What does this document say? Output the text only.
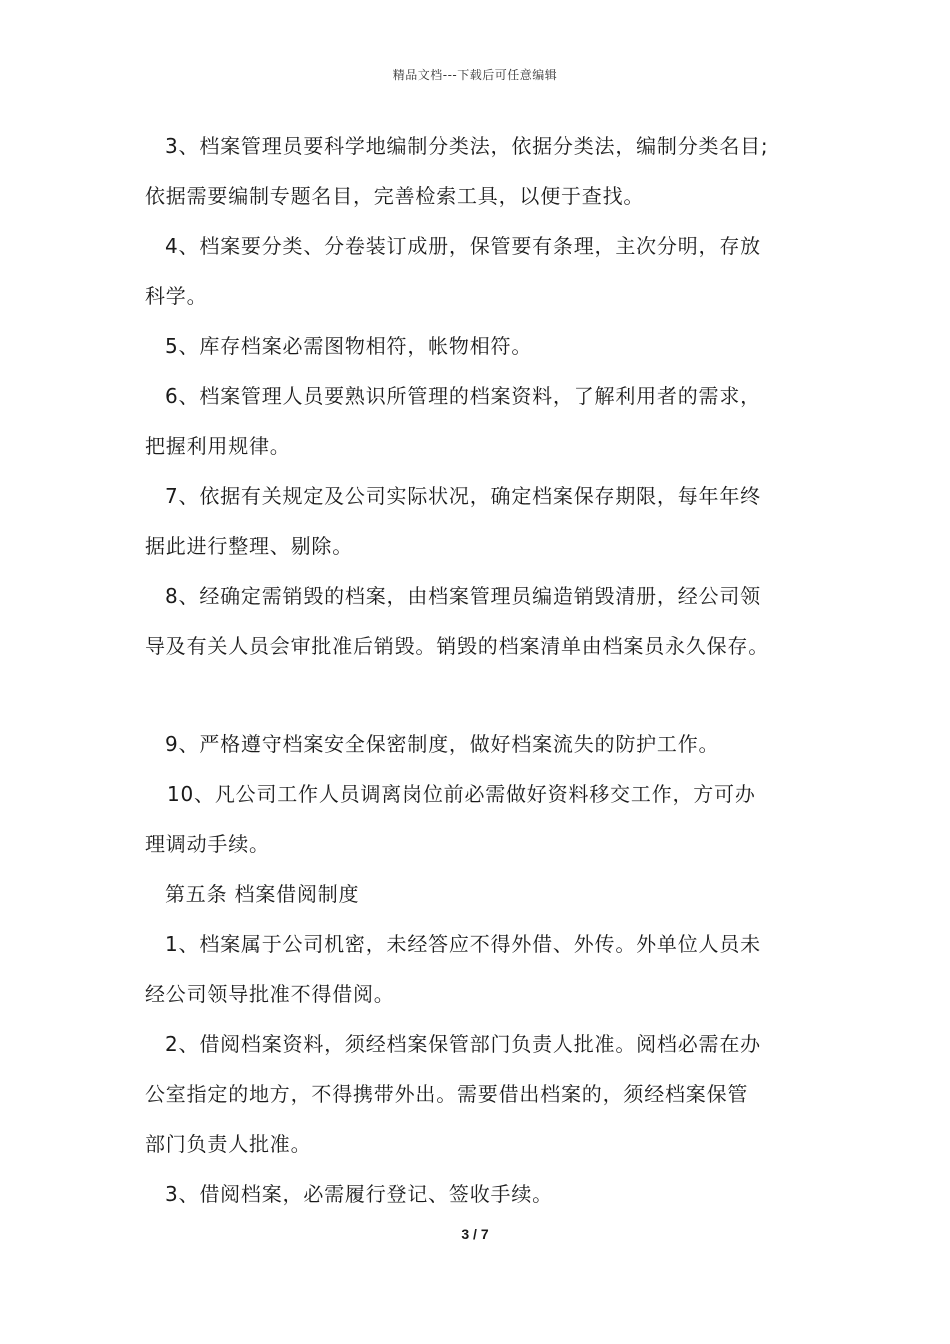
精品文档---下载后可任意编辑
3、档案管理员要科学地编制分类法，依据分类法，编制分类名目;
依据需要编制专题名目，完善检索工具，以便于查找。
4、档案要分类、分卷装订成册，保管要有条理，主次分明，存放
科学。
5、库存档案必需图物相符，帐物相符。
6、档案管理人员要熟识所管理的档案资料，了解利用者的需求，
把握利用规律。
7、依据有关规定及公司实际状况，确定档案保存期限，每年年终
据此进行整理、剔除。
8、经确定需销毁的档案，由档案管理员编造销毁清册，经公司领
导及有关人员会审批准后销毁。销毁的档案清单由档案员永久保存。
9、严格遵守档案安全保密制度，做好档案流失的防护工作。
10、凡公司工作人员调离岗位前必需做好资料移交工作，方可办
理调动手续。
第五条 档案借阅制度
1、档案属于公司机密，未经答应不得外借、外传。外单位人员未
经公司领导批准不得借阅。
2、借阅档案资料，须经档案保管部门负责人批准。阅档必需在办
公室指定的地方，不得携带外出。需要借出档案的，须经档案保管
部门负责人批准。
3、借阅档案，必需履行登记、签收手续。
3 / 7
